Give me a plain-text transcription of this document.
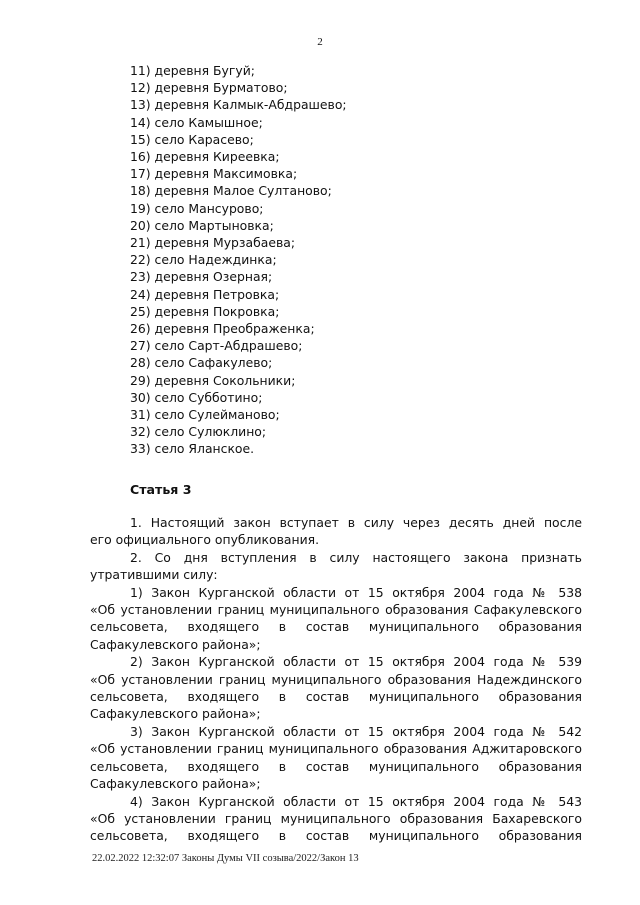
2
11) деревня Бугуй;
12) деревня Бурматово;
13) деревня Калмык-Абдрашево;
14) село Камышное;
15) село Карасево;
16) деревня Киреевка;
17) деревня Максимовка;
18) деревня Малое Султаново;
19) село Мансурово;
20) село Мартыновка;
21) деревня Мурзабаева;
22) село Надеждинка;
23) деревня Озерная;
24) деревня Петровка;
25) деревня Покровка;
26) деревня Преображенка;
27) село Сарт-Абдрашево;
28) село Сафакулево;
29) деревня Сокольники;
30) село Субботино;
31) село Сулейманово;
32) село Сулюклино;
33) село Яланское.
Статья 3
1. Настоящий закон вступает в силу через десять дней после
его официального опубликования.
2. Со дня вступления в силу настоящего закона признать
утратившими силу:
1) Закон Курганской области от 15 октября 2004 года № 538
«Об установлении границ муниципального образования Сафакулевского
сельсовета, входящего в состав муниципального образования
Сафакулевского района»;
2) Закон Курганской области от 15 октября 2004 года № 539
«Об установлении границ муниципального образования Надеждинского
сельсовета, входящего в состав муниципального образования
Сафакулевского района»;
3) Закон Курганской области от 15 октября 2004 года № 542
«Об установлении границ муниципального образования Аджитаровского
сельсовета, входящего в состав муниципального образования
Сафакулевского района»;
4) Закон Курганской области от 15 октября 2004 года № 543
«Об установлении границ муниципального образования Бахаревского
сельсовета, входящего в состав муниципального образования
22.02.2022 12:32:07 Законы Думы VII созыва/2022/Закон 13
